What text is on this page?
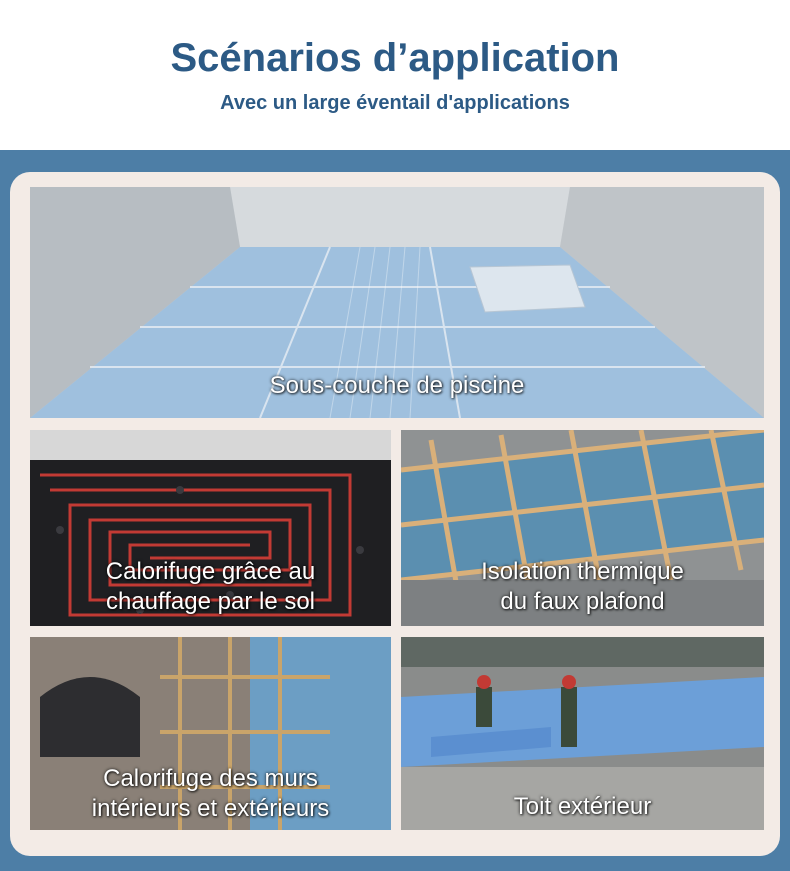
Scénarios d’application
Avec un large éventail d'applications
Sous-couche de piscine
Calorifuge grâce au
chauffage par le sol
Isolation thermique
du faux plafond
Calorifuge des murs
intérieurs et extérieurs	Toit extérieur
